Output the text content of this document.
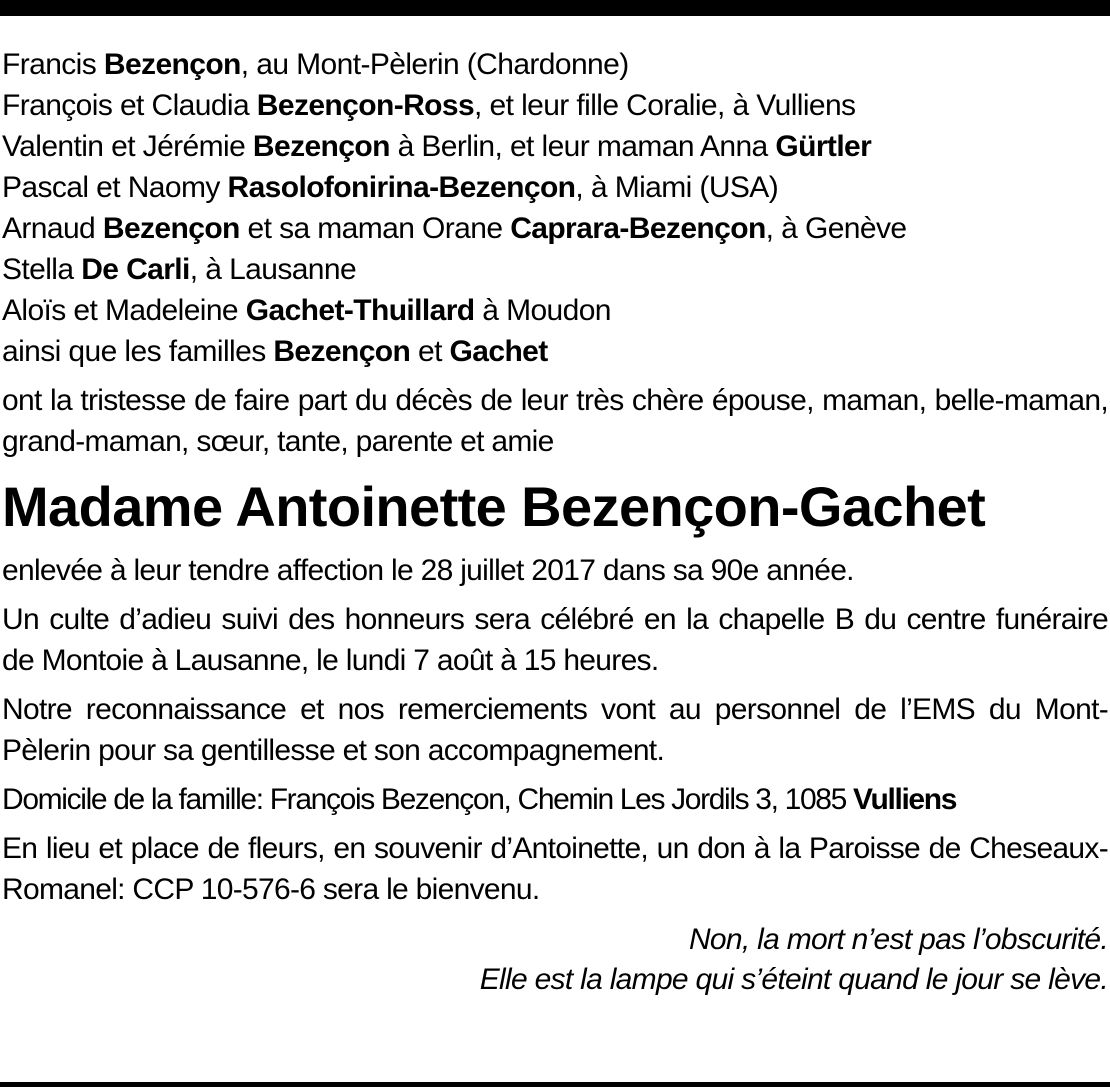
Francis Bezençon, au Mont-Pèlerin (Chardonne)
François et Claudia Bezençon-Ross, et leur fille Coralie, à Vulliens
Valentin et Jérémie Bezençon à Berlin, et leur maman Anna Gürtler
Pascal et Naomy Rasolofonirina-Bezençon, à Miami (USA)
Arnaud Bezençon et sa maman Orane Caprara-Bezençon, à Genève
Stella De Carli, à Lausanne
Aloïs et Madeleine Gachet-Thuillard à Moudon
ainsi que les familles Bezençon et Gachet
ont la tristesse de faire part du décès de leur très chère épouse, maman, belle-maman, grand-maman, sœur, tante, parente et amie
Madame Antoinette Bezençon-Gachet
enlevée à leur tendre affection le 28 juillet 2017 dans sa 90e année.
Un culte d’adieu suivi des honneurs sera célébré en la chapelle B du centre funéraire de Montoie à Lausanne, le lundi 7 août à 15 heures.
Notre reconnaissance et nos remerciements vont au personnel de l’EMS du Mont-Pèlerin pour sa gentillesse et son accompagnement.
Domicile de la famille: François Bezençon, Chemin Les Jordils 3, 1085 Vulliens
En lieu et place de fleurs, en souvenir d’Antoinette, un don à la Paroisse de Cheseaux-Romanel: CCP 10-576-6 sera le bienvenu.
Non, la mort n’est pas l’obscurité.
Elle est la lampe qui s’éteint quand le jour se lève.
